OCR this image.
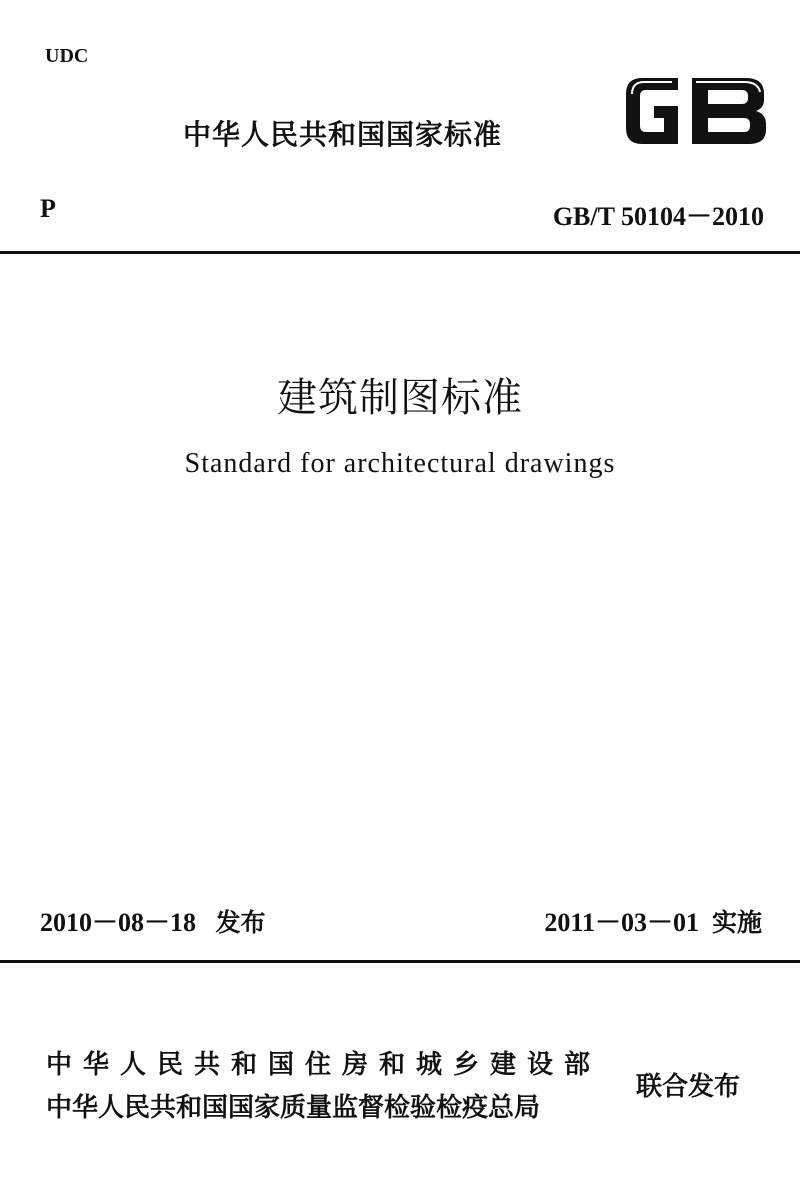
UDC
中华人民共和国国家标准
P	GB/T 50104－2010
建筑制图标准
Standard for architectural drawings
2010－08－18 发布	2011－03－01 实施
中华人民共和国住房和城乡建设部
中华人民共和国国家质量监督检验检疫总局
联合发布
